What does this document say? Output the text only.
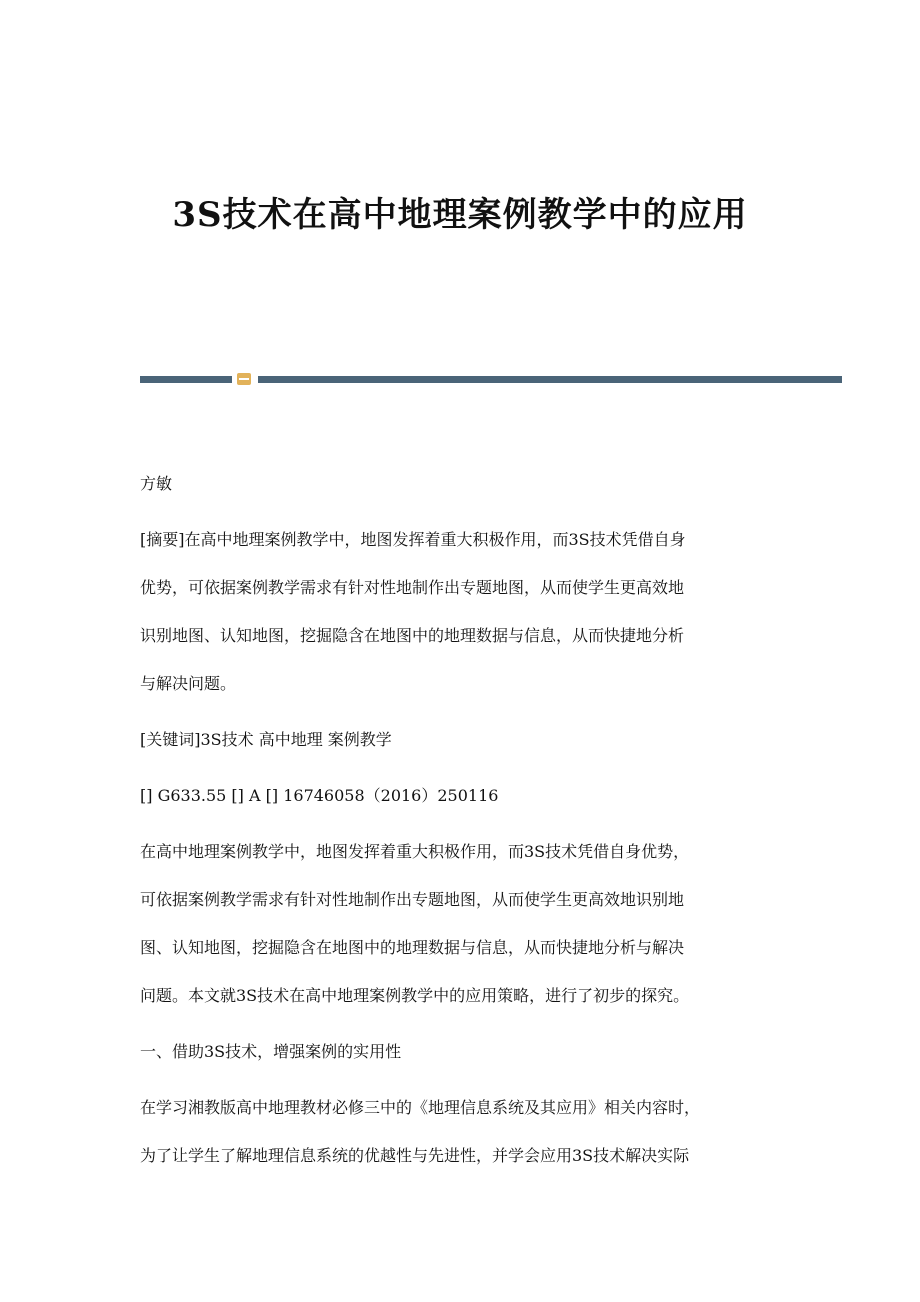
3S技术在高中地理案例教学中的应用

方敏

[摘要]在高中地理案例教学中，地图发挥着重大积极作用，而3S技术凭借自身
优势，可依据案例教学需求有针对性地制作出专题地图，从而使学生更高效地
识别地图、认知地图，挖掘隐含在地图中的地理数据与信息，从而快捷地分析
与解决问题。

[关键词]3S技术 高中地理 案例教学

[] G633.55 [] A [] 16746058（2016）250116

在高中地理案例教学中，地图发挥着重大积极作用，而3S技术凭借自身优势，
可依据案例教学需求有针对性地制作出专题地图，从而使学生更高效地识别地
图、认知地图，挖掘隐含在地图中的地理数据与信息，从而快捷地分析与解决
问题。本文就3S技术在高中地理案例教学中的应用策略，进行了初步的探究。

一、借助3S技术，增强案例的实用性

在学习湘教版高中地理教材必修三中的《地理信息系统及其应用》相关内容时，
为了让学生了解地理信息系统的优越性与先进性，并学会应用3S技术解决实际
